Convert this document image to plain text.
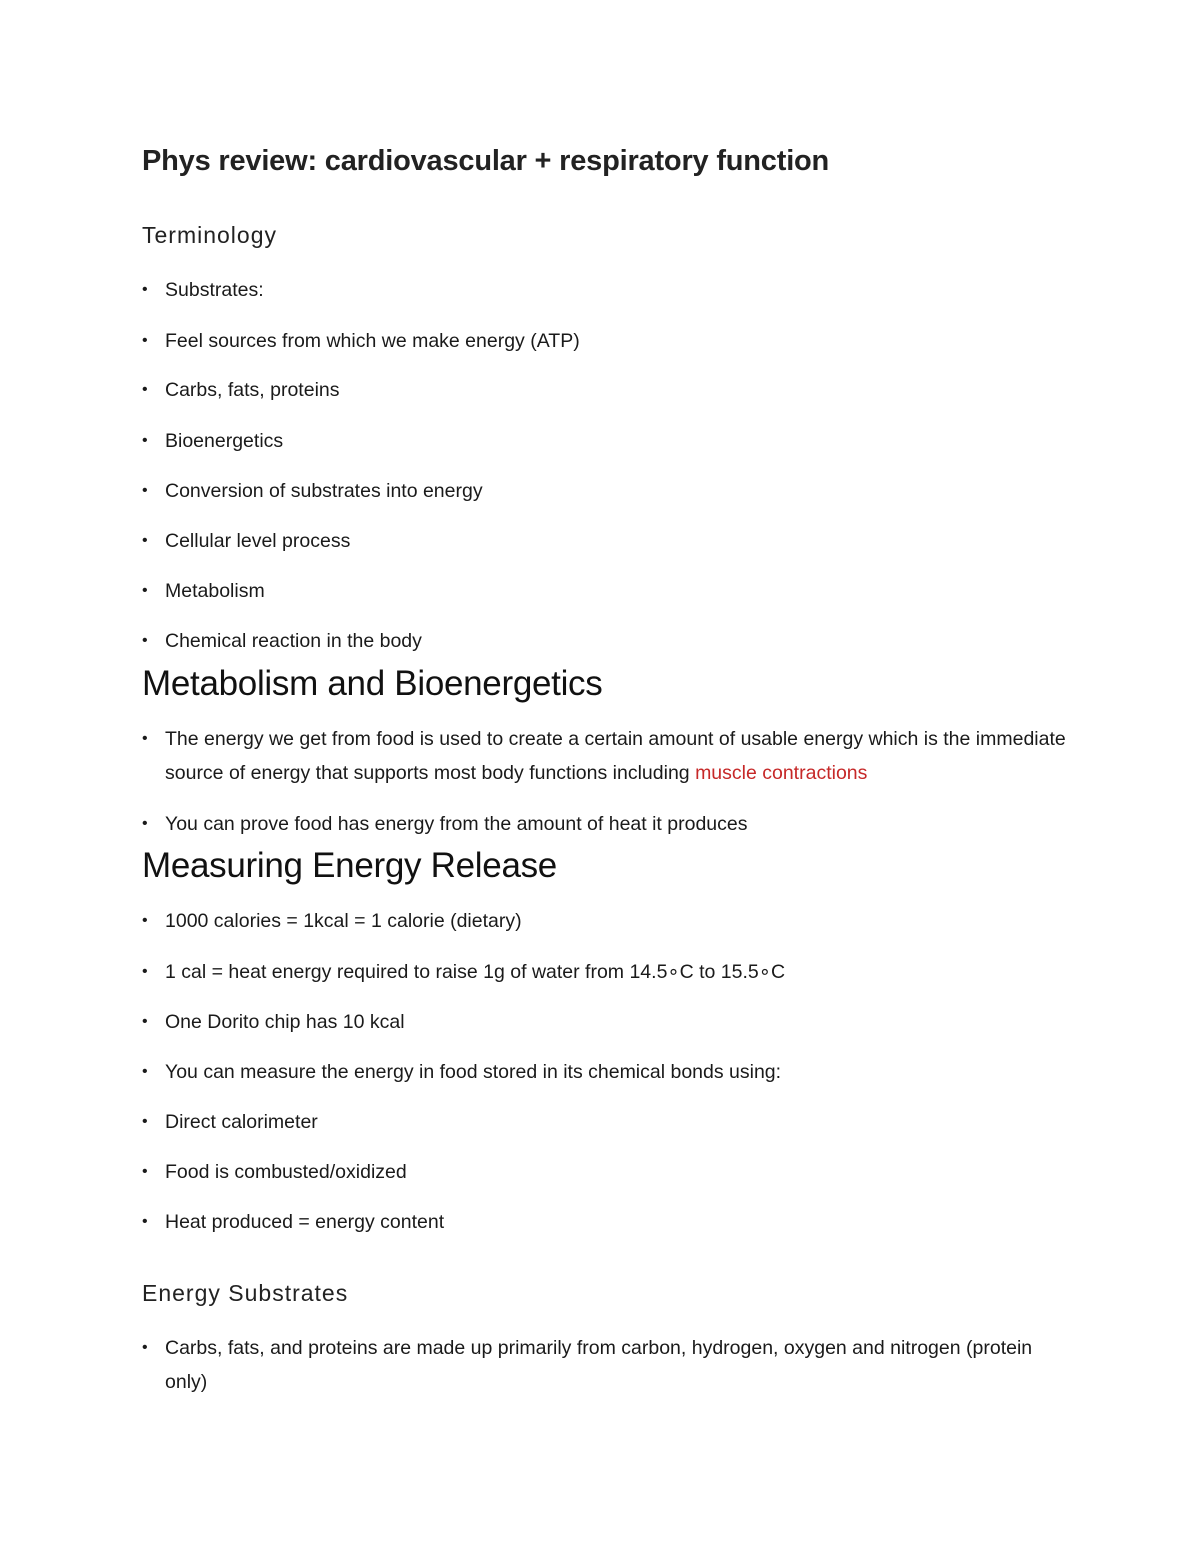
Phys review: cardiovascular + respiratory function
Terminology
•
Substrates:
•
Feel sources from which we make energy (ATP)
•
Carbs, fats, proteins
•
Bioenergetics
•
Conversion of substrates into energy
•
Cellular level process
•
Metabolism
•
Chemical reaction in the body
Metabolism and Bioenergetics
•
The energy we get from food is used to create a certain amount of usable energy which is the immediate source of energy that supports most body functions including muscle contractions
•
You can prove food has energy from the amount of heat it produces
Measuring Energy Release
•
1000 calories = 1kcal = 1 calorie (dietary)
•
1 cal = heat energy required to raise 1g of water from 14.5∘C to 15.5∘C
•
One Dorito chip has 10 kcal
•
You can measure the energy in food stored in its chemical bonds using:
•
Direct calorimeter
•
Food is combusted/oxidized
•
Heat produced = energy content
Energy Substrates
•
Carbs, fats, and proteins are made up primarily from carbon, hydrogen, oxygen and nitrogen (protein only)
